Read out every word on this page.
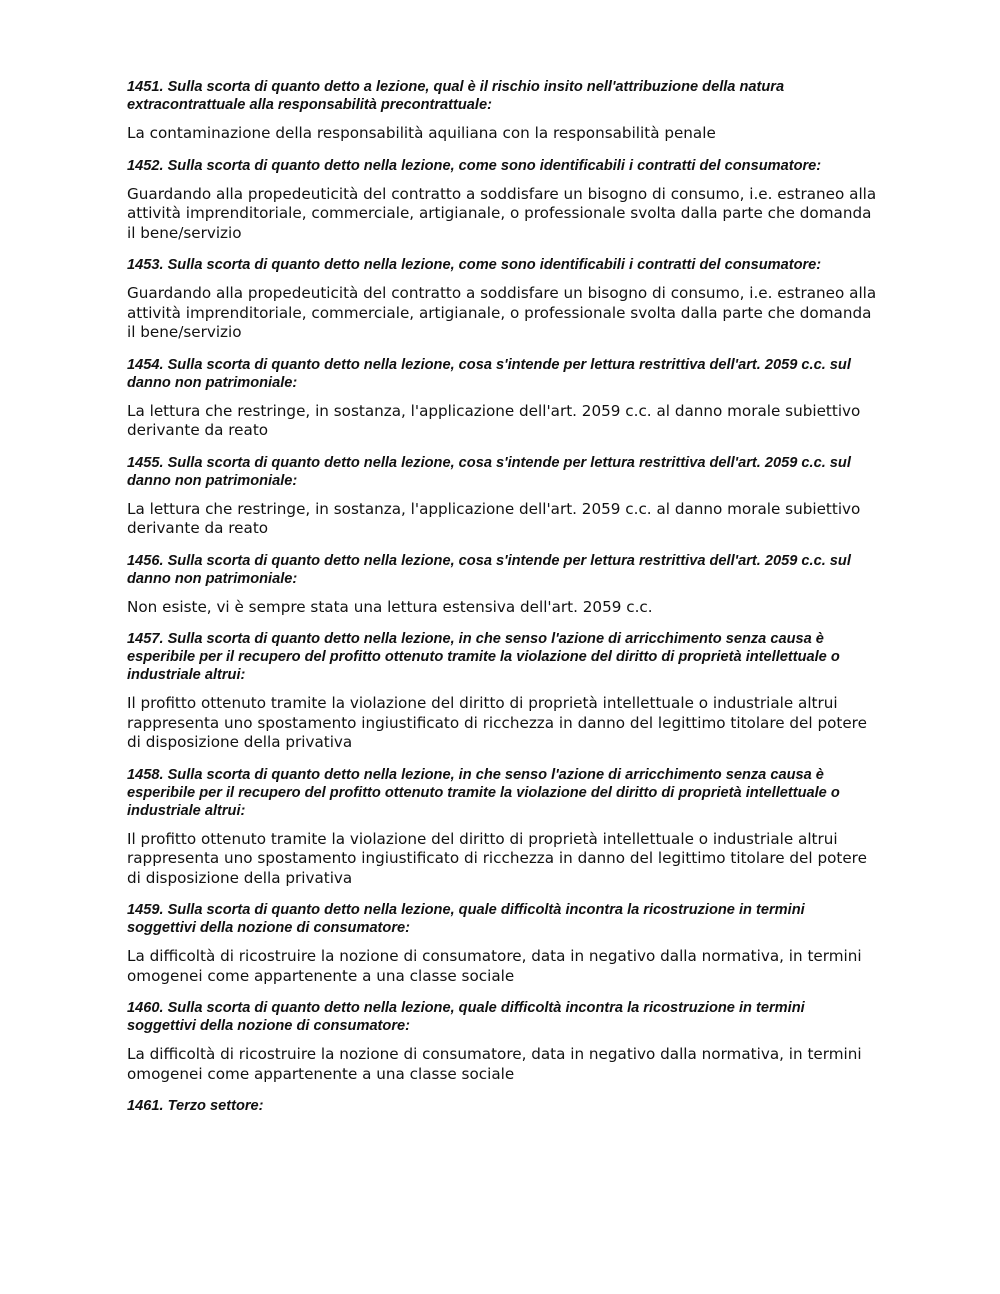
1451. Sulla scorta di quanto detto a lezione, qual è il rischio insito nell'attribuzione della natura extracontrattuale alla responsabilità precontrattuale:

La contaminazione della responsabilità aquiliana con la responsabilità penale

1452. Sulla scorta di quanto detto nella lezione, come sono identificabili i contratti del consumatore:

Guardando alla propedeuticità del contratto a soddisfare un bisogno di consumo, i.e. estraneo alla attività imprenditoriale, commerciale, artigianale, o professionale svolta dalla parte che domanda il bene/servizio

1453. Sulla scorta di quanto detto nella lezione, come sono identificabili i contratti del consumatore:

Guardando alla propedeuticità del contratto a soddisfare un bisogno di consumo, i.e. estraneo alla attività imprenditoriale, commerciale, artigianale, o professionale svolta dalla parte che domanda il bene/servizio

1454. Sulla scorta di quanto detto nella lezione, cosa s'intende per lettura restrittiva dell'art. 2059 c.c. sul danno non patrimoniale:

La lettura che restringe, in sostanza, l'applicazione dell'art. 2059 c.c. al danno morale subiettivo derivante da reato

1455. Sulla scorta di quanto detto nella lezione, cosa s'intende per lettura restrittiva dell'art. 2059 c.c. sul danno non patrimoniale:

La lettura che restringe, in sostanza, l'applicazione dell'art. 2059 c.c. al danno morale subiettivo derivante da reato

1456. Sulla scorta di quanto detto nella lezione, cosa s'intende per lettura restrittiva dell'art. 2059 c.c. sul danno non patrimoniale:

Non esiste, vi è sempre stata una lettura estensiva dell'art. 2059 c.c.

1457. Sulla scorta di quanto detto nella lezione, in che senso l'azione di arricchimento senza causa è esperibile per il recupero del profitto ottenuto tramite la violazione del diritto di proprietà intellettuale o industriale altrui:

Il profitto ottenuto tramite la violazione del diritto di proprietà intellettuale o industriale altrui rappresenta uno spostamento ingiustificato di ricchezza in danno del legittimo titolare del potere di disposizione della privativa

1458. Sulla scorta di quanto detto nella lezione, in che senso l'azione di arricchimento senza causa è esperibile per il recupero del profitto ottenuto tramite la violazione del diritto di proprietà intellettuale o industriale altrui:

Il profitto ottenuto tramite la violazione del diritto di proprietà intellettuale o industriale altrui rappresenta uno spostamento ingiustificato di ricchezza in danno del legittimo titolare del potere di disposizione della privativa

1459. Sulla scorta di quanto detto nella lezione, quale difficoltà incontra la ricostruzione in termini soggettivi della nozione di consumatore:

La difficoltà di ricostruire la nozione di consumatore, data in negativo dalla normativa, in termini omogenei come appartenente a una classe sociale

1460. Sulla scorta di quanto detto nella lezione, quale difficoltà incontra la ricostruzione in termini soggettivi della nozione di consumatore:

La difficoltà di ricostruire la nozione di consumatore, data in negativo dalla normativa, in termini omogenei come appartenente a una classe sociale

1461. Terzo settore:
